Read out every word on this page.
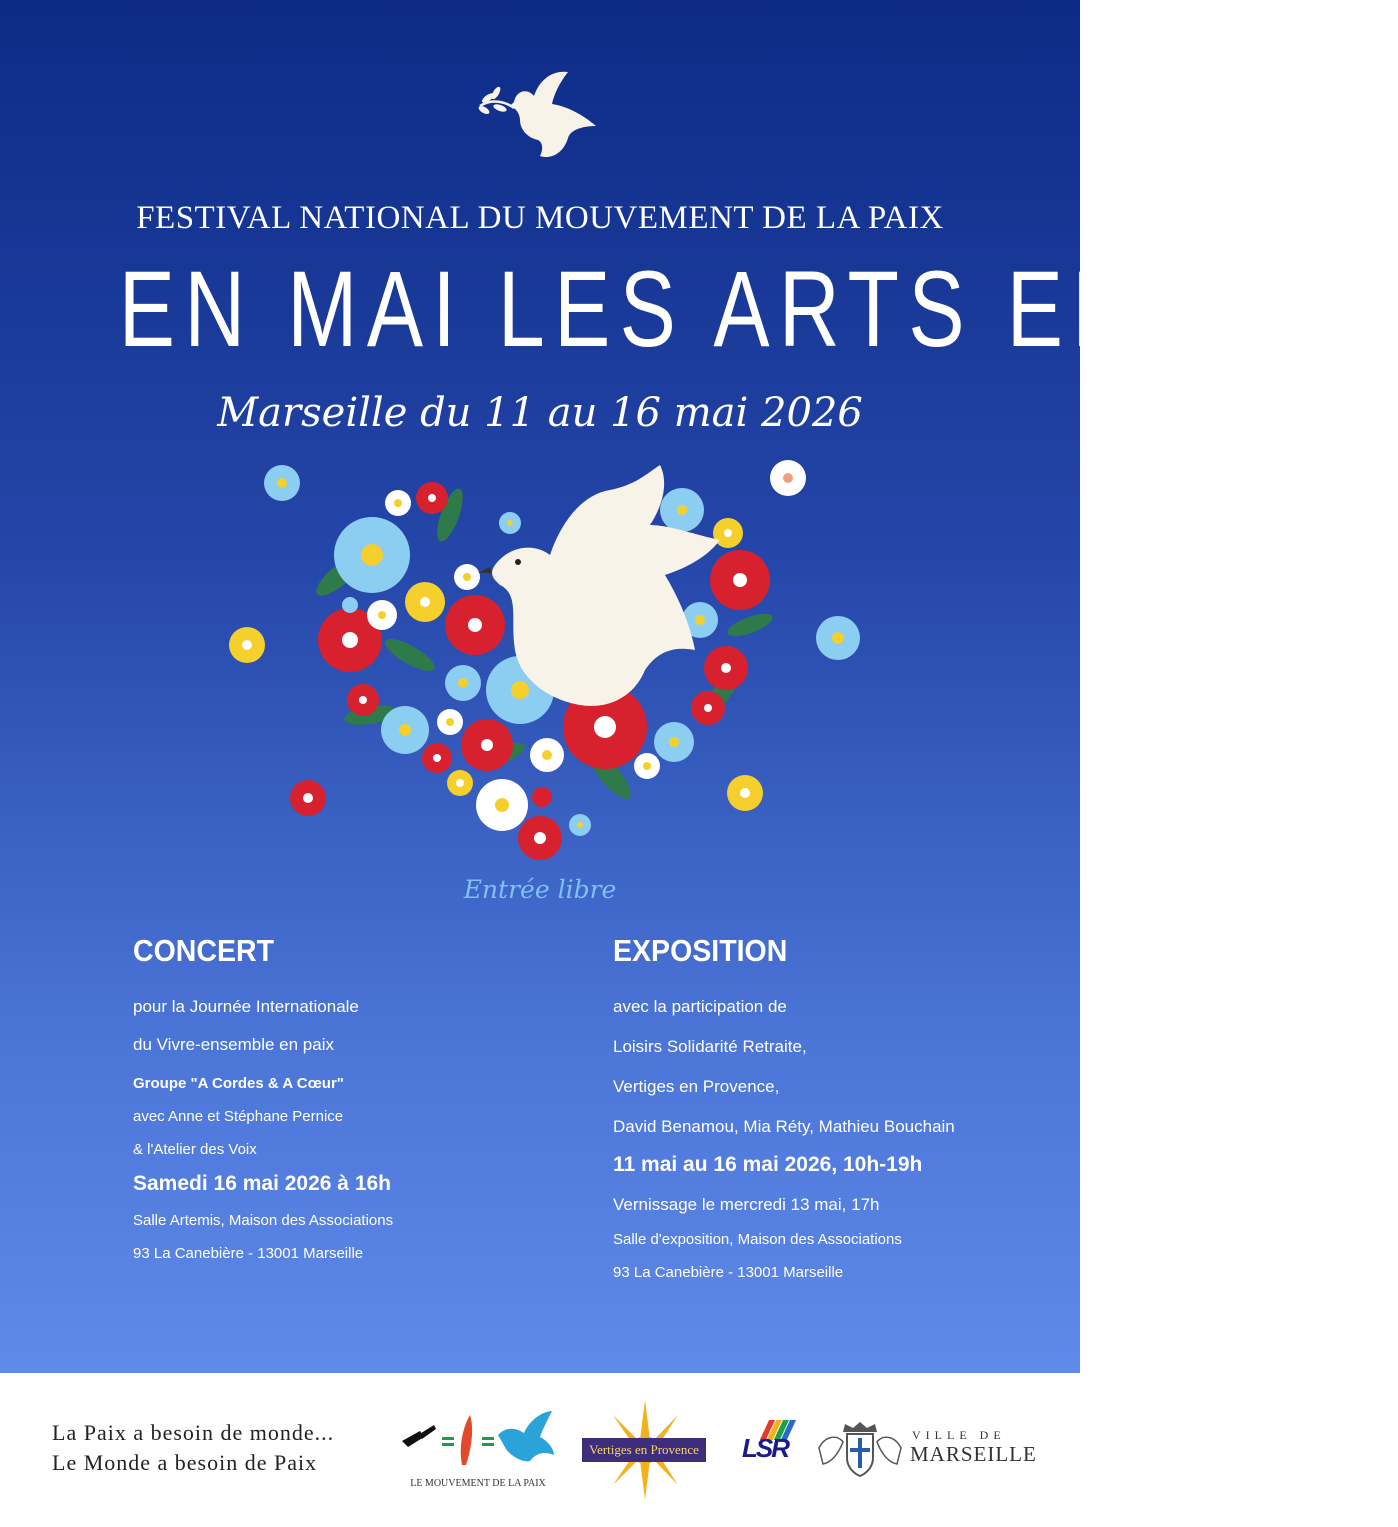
FESTIVAL NATIONAL DU MOUVEMENT DE LA PAIX
EN MAI LES ARTS EN PAIX
Marseille du 11 au 16 mai 2026
Entrée libre
CONCERT

pour la Journée Internationale

du Vivre-ensemble en paix

Groupe "A Cordes & A Cœur"

avec Anne et Stéphane Pernice

& l'Atelier des Voix

Samedi 16 mai 2026 à 16h

Salle Artemis, Maison des Associations

93 La Canebière - 13001 Marseille

EXPOSITION

avec la participation de

Loisirs Solidarité Retraite,

Vertiges en Provence,

David Benamou, Mia Réty, Mathieu Bouchain

11 mai au 16 mai 2026, 10h-19h

Vernissage le mercredi 13 mai, 17h

Salle d'exposition, Maison des Associations

93 La Canebière - 13001 Marseille

La Paix a besoin de monde...
Le Monde a besoin de Paix
LE MOUVEMENT DE LA PAIX
Vertiges en Provence LSR	VILLE DE
MARSEILLE
